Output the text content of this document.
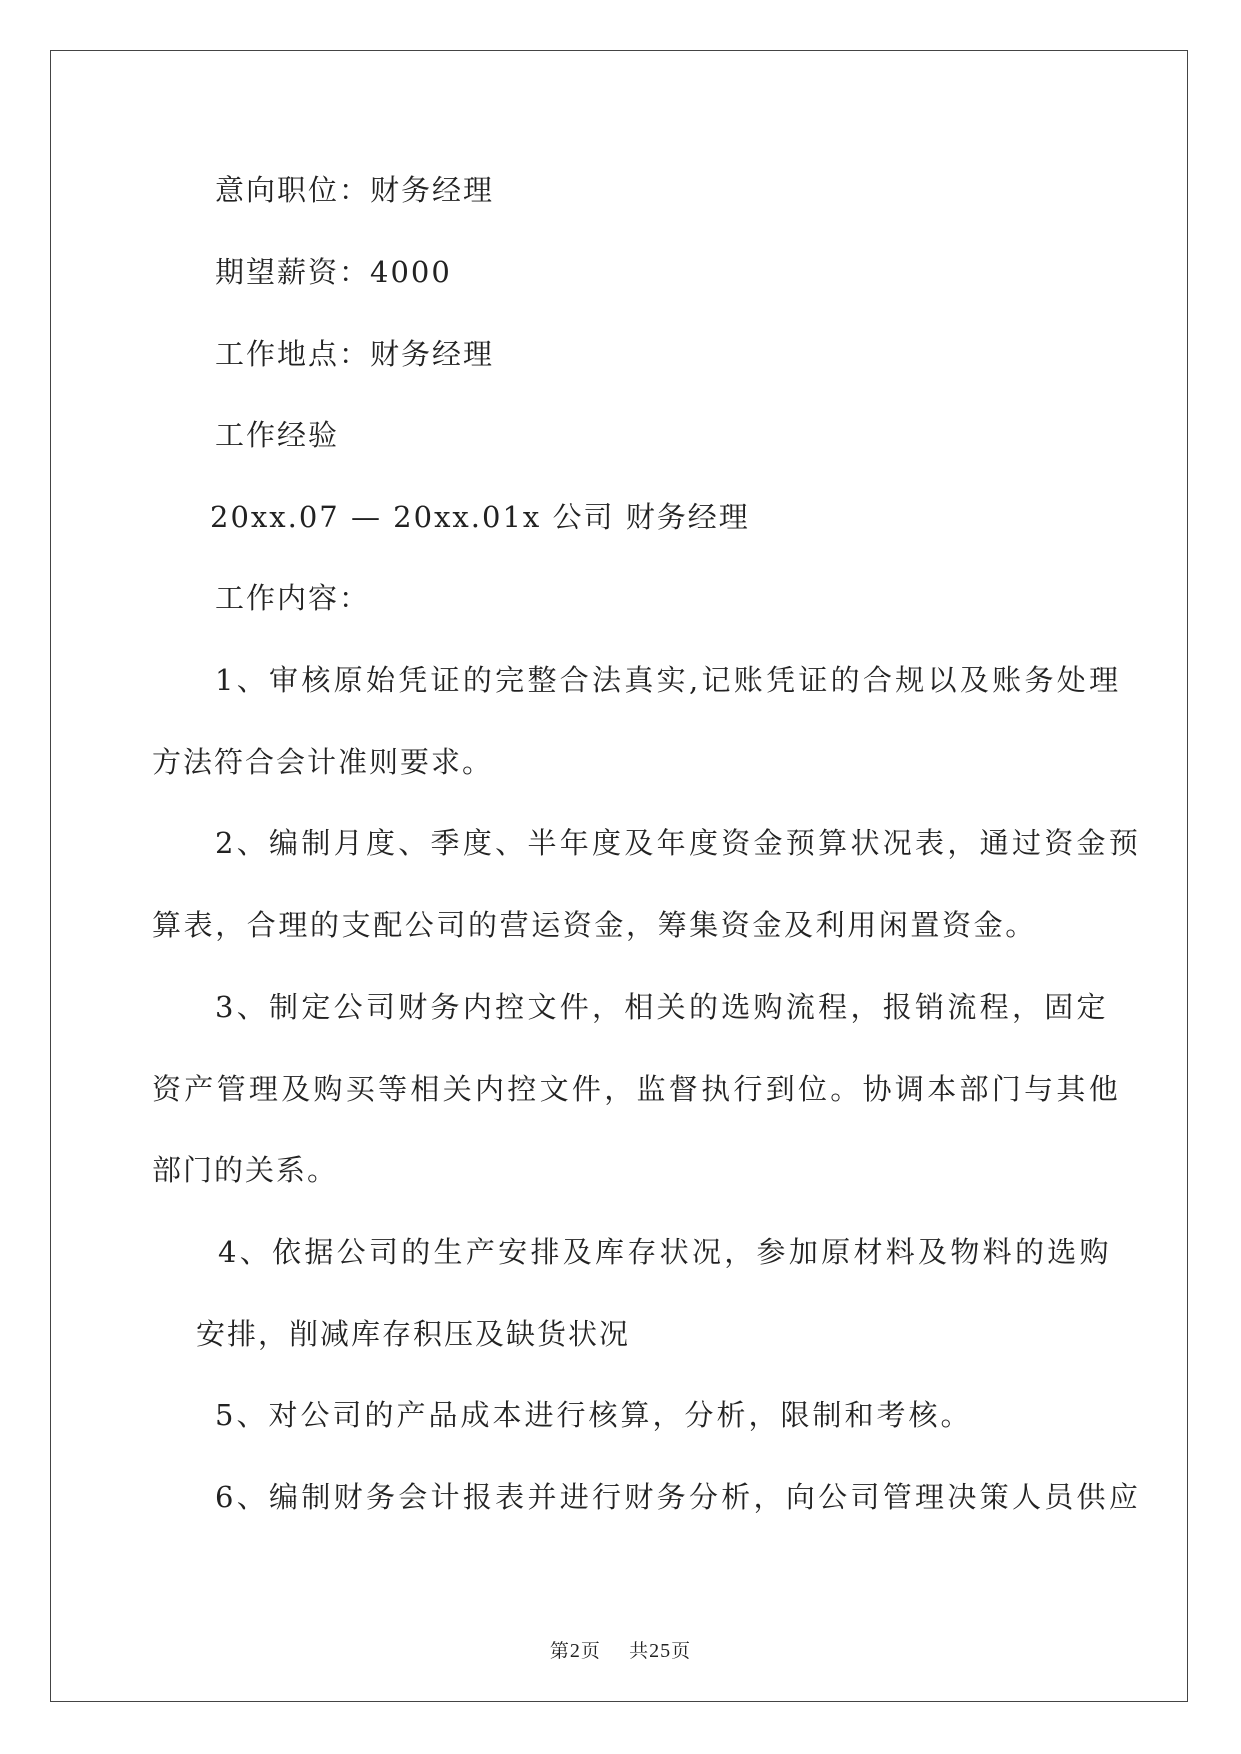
意向职位：财务经理
期望薪资：4000
工作地点：财务经理
工作经验
20xx.07 — 20xx.01x 公司 财务经理
工作内容：
1、审核原始凭证的完整合法真实,记账凭证的合规以及账务处理
方法符合会计准则要求。
2、编制月度、季度、半年度及年度资金预算状况表，通过资金预
算表，合理的支配公司的营运资金，筹集资金及利用闲置资金。
3、制定公司财务内控文件，相关的选购流程，报销流程，固定
资产管理及购买等相关内控文件，监督执行到位。协调本部门与其他
部门的关系。
4、依据公司的生产安排及库存状况，参加原材料及物料的选购
安排，削减库存积压及缺货状况
5、对公司的产品成本进行核算，分析，限制和考核。
6、编制财务会计报表并进行财务分析，向公司管理决策人员供应
第2页 共25页
